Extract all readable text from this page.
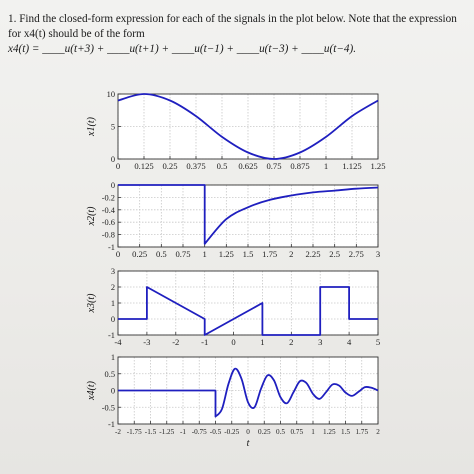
1. Find the closed-form expression for each of the signals in the plot below. Note that the expression
for x4(t) should be of the form
x4(t) = ____u(t+3) + ____u(t+1) + ____u(t−1) + ____u(t−3) + ____u(t−4).
0 0.125 0.25 0.375 0.5 0.625 0.75 0.875 1 1.125 1.25
0
5
10
x1(t)
0 0.25 0.5 0.75 1 1.25 1.5 1.75 2 2.25 2.5 2.75 3
-1
-0.8
-0.6
-0.4
-0.2
0
x2(t)
-4	-3	-2	-1	0	1	2	3	4	5
-1
0
1
2
3
x3(t)
-2 -1.75 -1.5 -1.25 -1 -0.75 -0.5 -0.25 0 0.25 0.5 0.75 1 1.25 1.5 1.75 2
-1
-0.5
0
0.5
1
x4(t)
t
